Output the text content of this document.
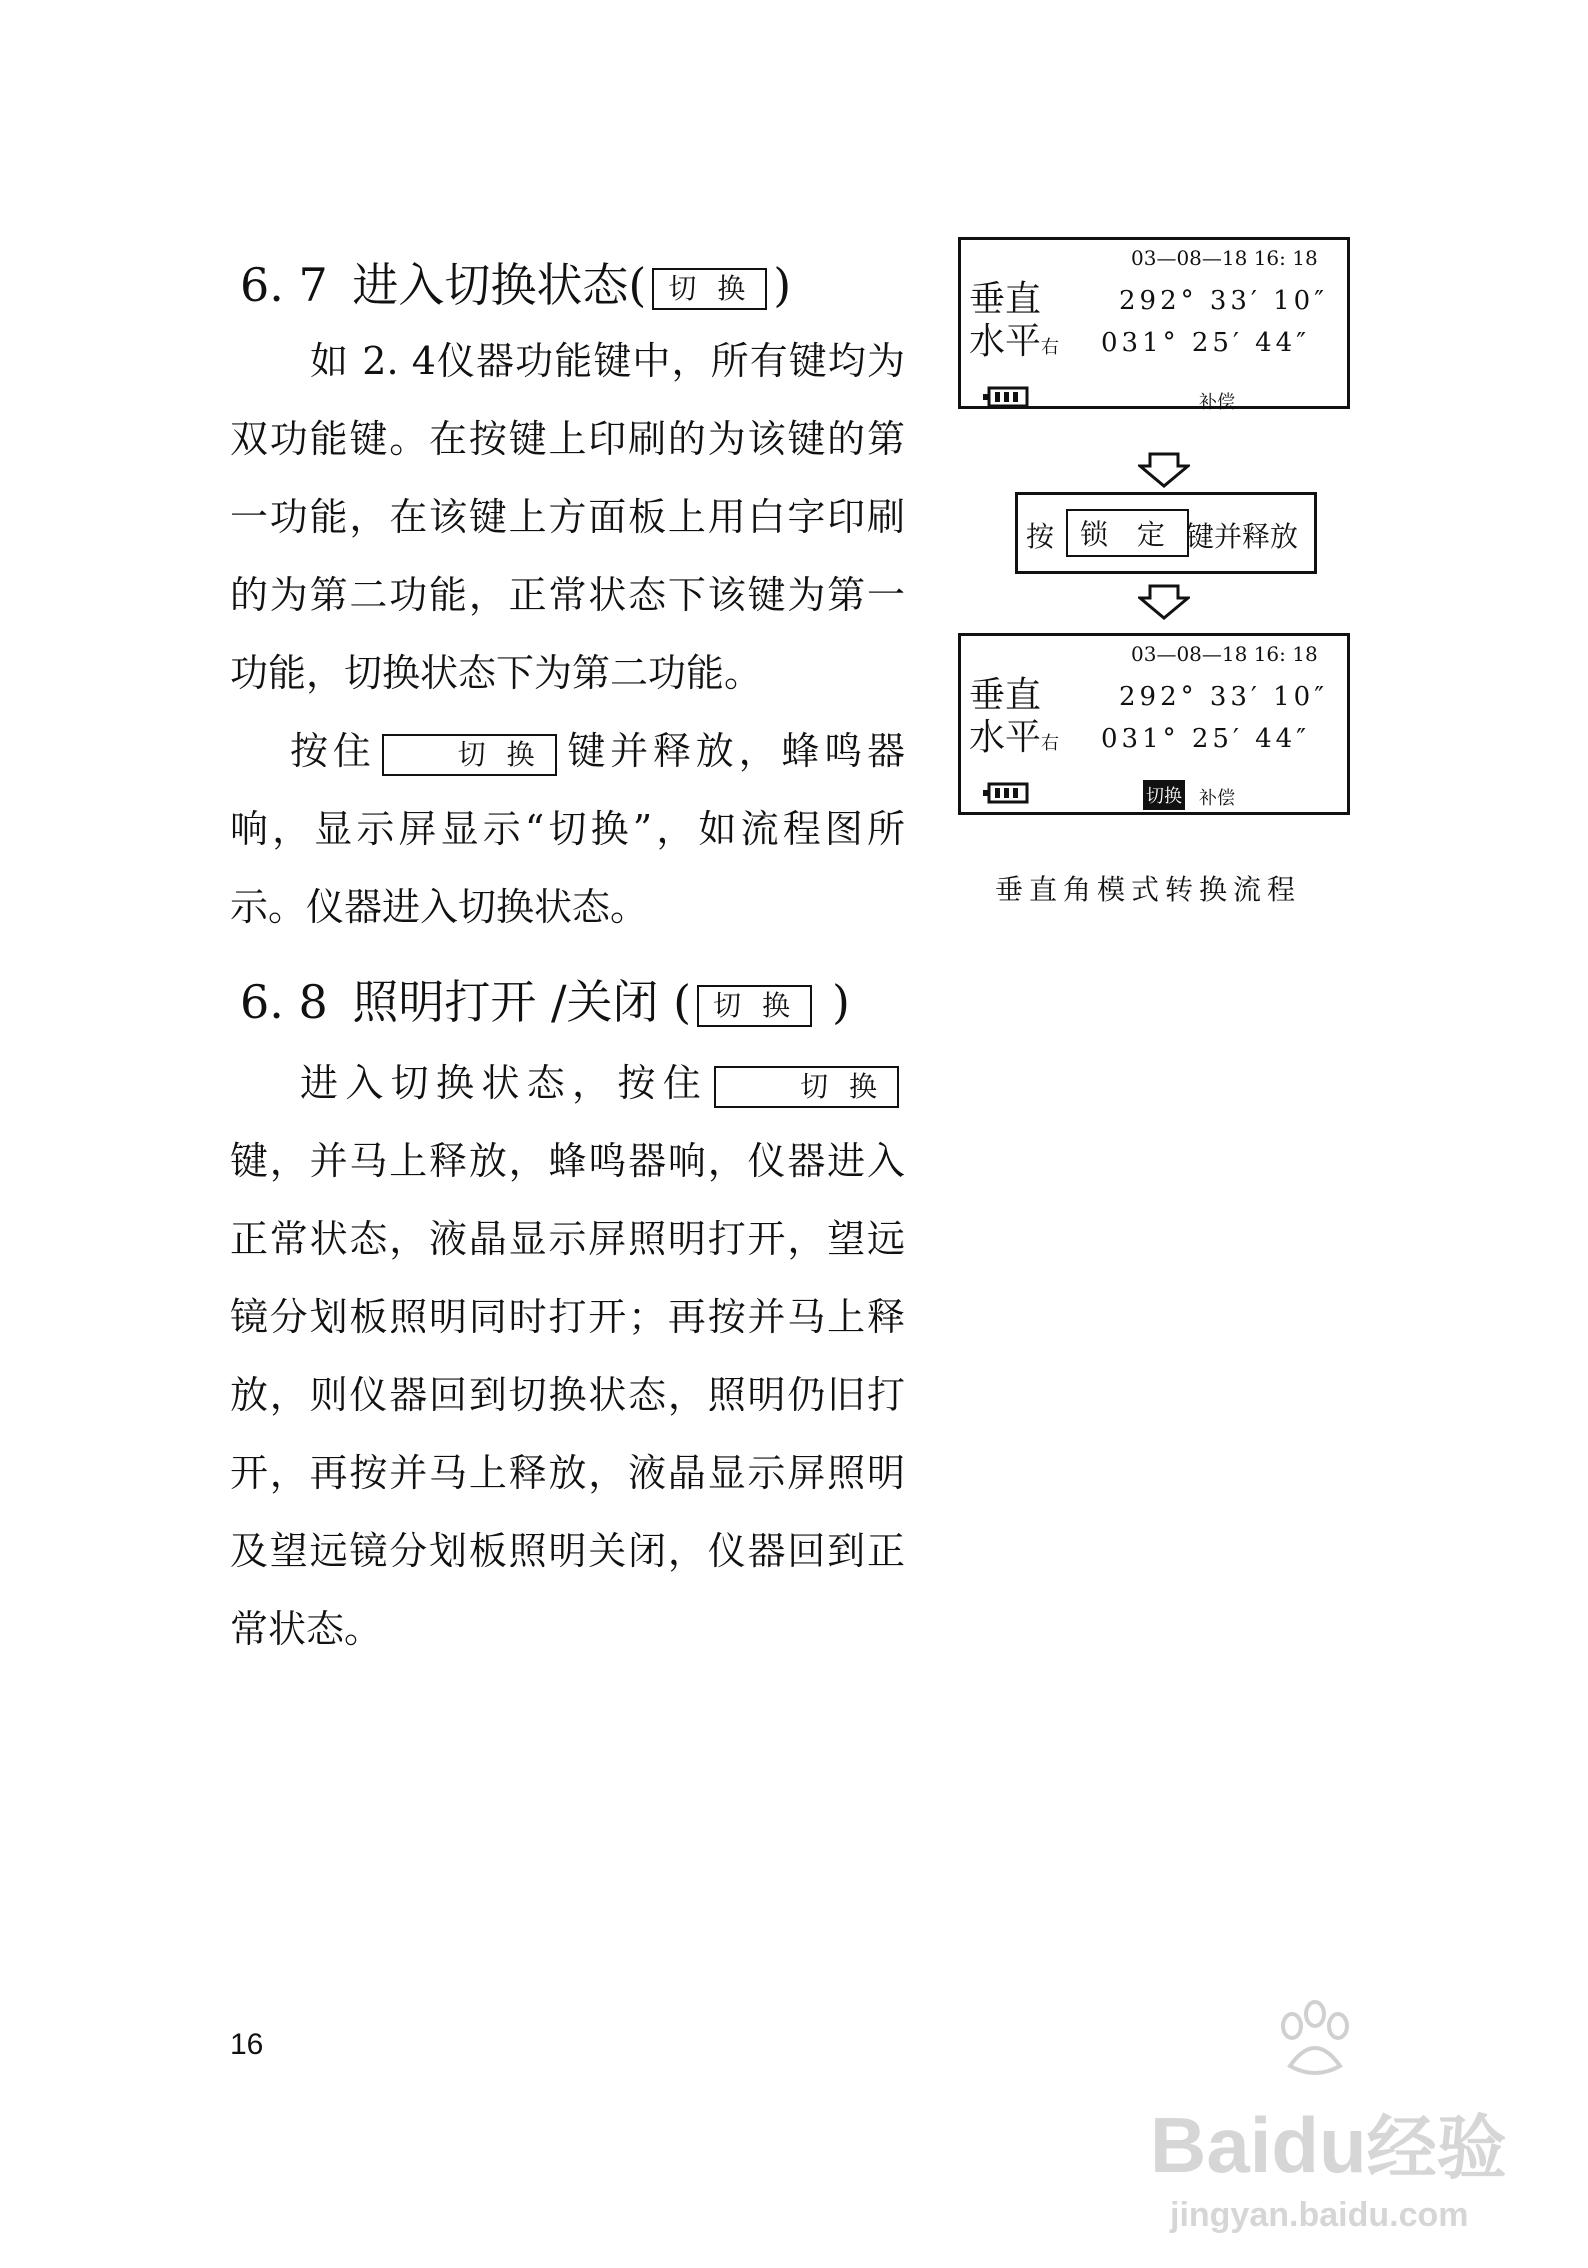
6. 7 进入切换状态( 切 换 )

如 2. 4仪器功能键中，所有键均为双功能键。在按键上印刷的为该键的第一功能，在该键上方面板上用白字印刷的为第二功能，正常状态下该键为第一功能，切换状态下为第二功能。

按住	切 换 键并释放，蜂鸣器响，显示屏显示“切换”，如流程图所示。仪器进入切换状态。

6. 8 照明打开 /关闭 ( 切 换 )

进入切换状态，按住	切 换键，并马上释放，蜂鸣器响，仪器进入正常状态，液晶显示屏照明打开，望远镜分划板照明同时打开；再按并马上释放，则仪器回到切换状态，照明仍旧打开，再按并马上释放，液晶显示屏照明及望远镜分划板照明关闭，仪器回到正常状态。

03—08—18 16: 18
垂直	292° 33′ 10″
水平右 031° 25′ 44″
补偿
按 锁 定 键并释放
03—08—18 16: 18
垂直	292° 33′ 10″
水平右 031° 25′ 44″
切换 补偿
垂直角模式转换流程
16
Baidu经验
jingyan.baidu.com
